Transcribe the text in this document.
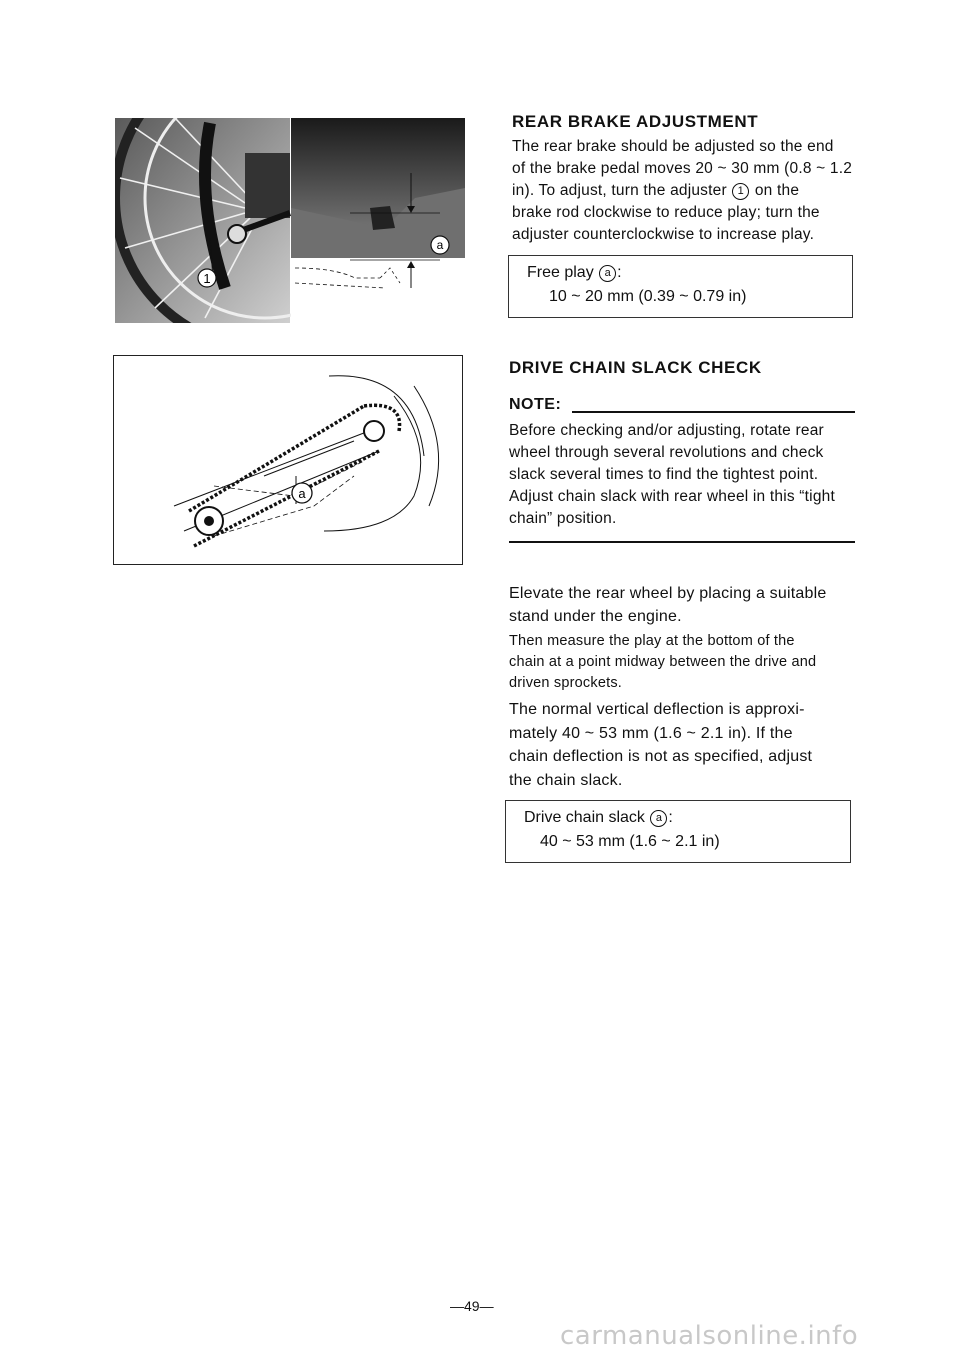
1
a
a
REAR BRAKE ADJUSTMENT
The rear brake should be adjusted so the end
of the brake pedal moves 20 ~ 30 mm (0.8 ~ 1.2
in). To adjust, turn the adjuster 1 on the
brake rod clockwise to reduce play; turn the
adjuster counterclockwise to increase play.
Free play a :
10 ~ 20 mm (0.39 ~ 0.79 in)
DRIVE CHAIN SLACK CHECK
NOTE:
Before checking and/or adjusting, rotate rear
wheel through several revolutions and check
slack several times to find the tightest point.
Adjust chain slack with rear wheel in this “tight
chain” position.
Elevate the rear wheel by placing a suitable
stand under the engine.
Then measure the play at the bottom of the
chain at a point midway between the drive and
driven sprockets.
The normal vertical deflection is approxi-
mately 40 ~ 53 mm (1.6 ~ 2.1 in). If the
chain deflection is not as specified, adjust
the chain slack.
Drive chain slack a :
40 ~ 53 mm (1.6 ~ 2.1 in)
—49—
carmanualsonline.info
